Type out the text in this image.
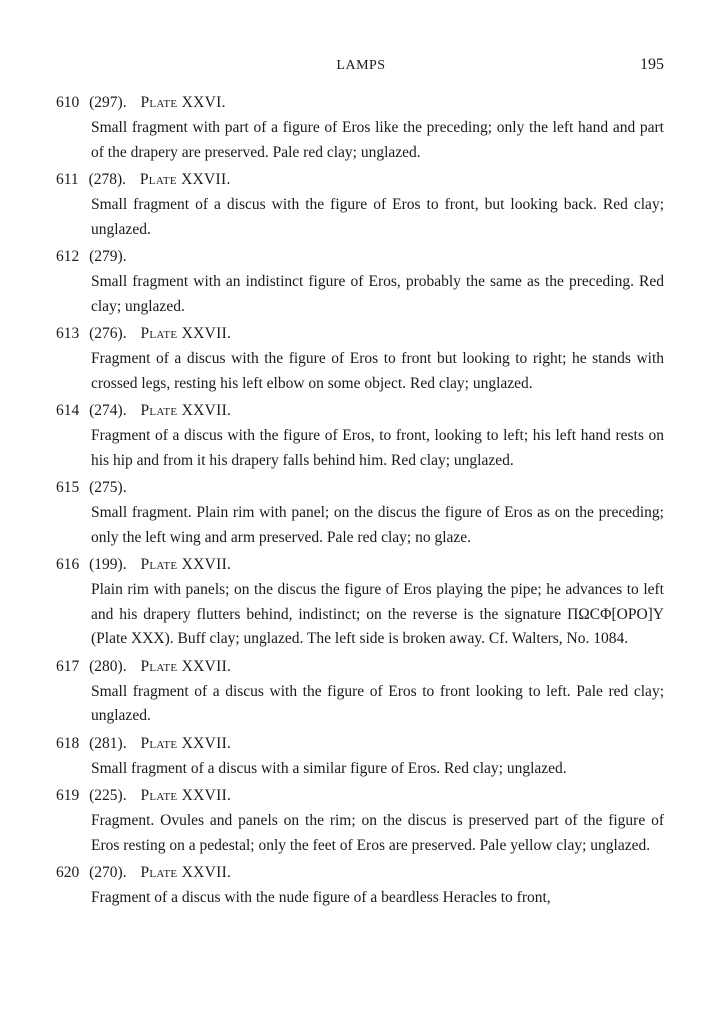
LAMPS	195
610 (297). Plate XXVI.
Small fragment with part of a figure of Eros like the preceding; only the left hand and part of the drapery are preserved. Pale red clay; unglazed.
611 (278). Plate XXVII.
Small fragment of a discus with the figure of Eros to front, but looking back. Red clay; unglazed.
612 (279).
Small fragment with an indistinct figure of Eros, probably the same as the preceding. Red clay; unglazed.
613 (276). Plate XXVII.
Fragment of a discus with the figure of Eros to front but looking to right; he stands with crossed legs, resting his left elbow on some object. Red clay; unglazed.
614 (274). Plate XXVII.
Fragment of a discus with the figure of Eros, to front, looking to left; his left hand rests on his hip and from it his drapery falls behind him. Red clay; unglazed.
615 (275).
Small fragment. Plain rim with panel; on the discus the figure of Eros as on the preceding; only the left wing and arm preserved. Pale red clay; no glaze.
616 (199). Plate XXVII.
Plain rim with panels; on the discus the figure of Eros playing the pipe; he advances to left and his drapery flutters behind, indistinct; on the reverse is the signature ΠΩCΦ[ΟΡΟ]Υ (Plate XXX). Buff clay; unglazed. The left side is broken away. Cf. Walters, No. 1084.
617 (280). Plate XXVII.
Small fragment of a discus with the figure of Eros to front looking to left. Pale red clay; unglazed.
618 (281). Plate XXVII.
Small fragment of a discus with a similar figure of Eros. Red clay; unglazed.
619 (225). Plate XXVII.
Fragment. Ovules and panels on the rim; on the discus is preserved part of the figure of Eros resting on a pedestal; only the feet of Eros are preserved. Pale yellow clay; unglazed.
620 (270). Plate XXVII.
Fragment of a discus with the nude figure of a beardless Heracles to front,
